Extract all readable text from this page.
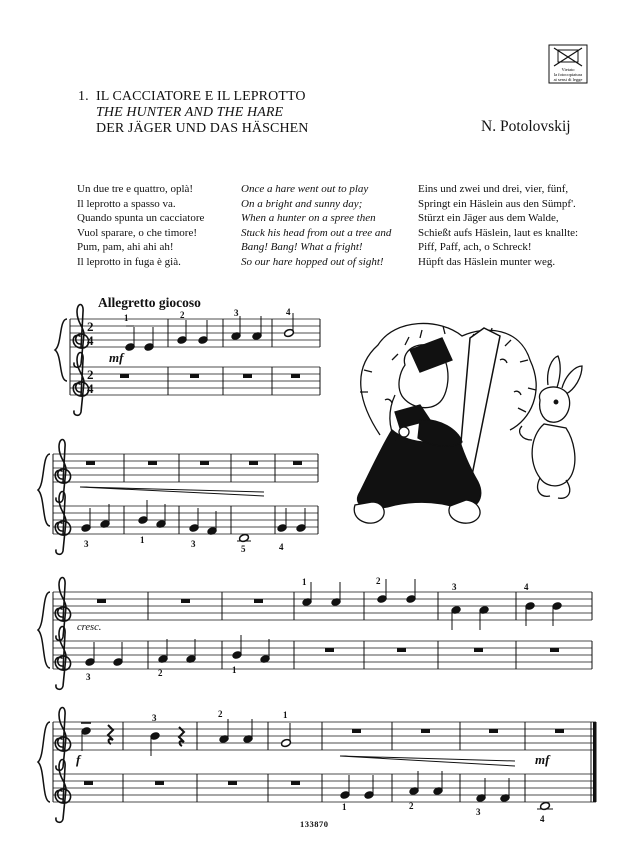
Vietato
la fotocopiatura
ai sensi di legge
1. IL CACCIATORE E IL LEPROTTO
THE HUNTER AND THE HARE
DER JÄGER UND DAS HÄSCHEN	N. Potolovskij
Un due tre e quattro, oplà!
Il leprotto a spasso va.
Quando spunta un cacciatore
Vuol sparare, o che timore!
Pum, pam, ahi ahi ah!
Il leprotto in fuga è già.
Once a hare went out to play
On a bright and sunny day;
When a hunter on a spree then
Stuck his head from out a tree and
Bang! Bang! What a fright!
So our hare hopped out of sight!
Eins und zwei und drei, vier, fünf,
Springt ein Häslein aus den Sümpf'.
Stürzt ein Jäger aus dem Walde,
Schießt aufs Häslein, laut es knallte:
Piff, Paff, ach, o Schreck!
Hüpft das Häslein munter weg.
Allegretto giocoso
2
4
2
4
1	2	3	4
3	1	3	5	4
1	2
3	4
3	2	1
3	2	1
1	2
3
4
mf
cresc.
f	mf
133870
